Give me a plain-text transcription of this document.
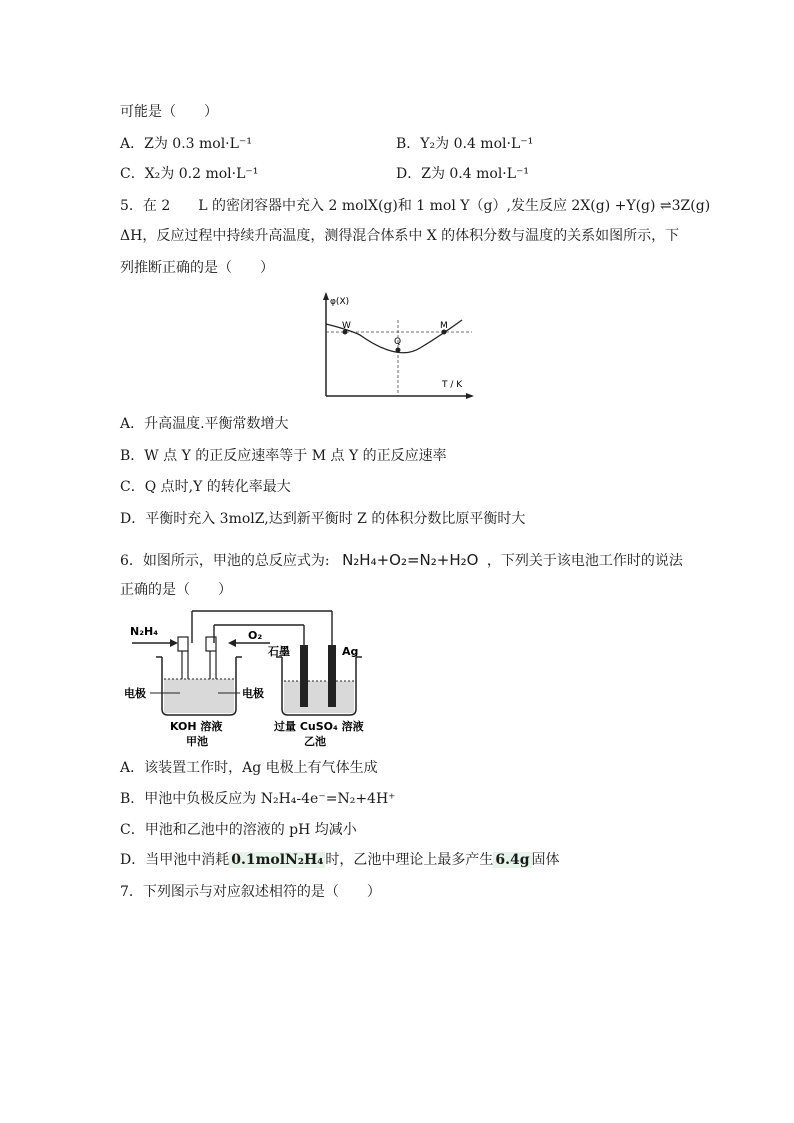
可能是（　　）
A．Z为 0.3 mol·L⁻¹	B．Y₂为 0.4 mol·L⁻¹
C．X₂为 0.2 mol·L⁻¹	D．Z为 0.4 mol·L⁻¹
5．在 2　　L 的密闭容器中充入 2 molX(g)和 1 mol Y（g）,发生反应 2X(g) +Y(g) ⇌3Z(g)
ΔH，反应过程中持续升高温度，测得混合体系中 X 的体积分数与温度的关系如图所示，下
列推断正确的是（　　）
φ(X)
T / K
W
Q
M
A．升高温度.平衡常数增大
B．W 点 Y 的正反应速率等于 M 点 Y 的正反应速率
C．Q 点时,Y 的转化率最大
D．平衡时充入 3molZ,达到新平衡时 Z 的体积分数比原平衡时大
6．如图所示，甲池的总反应式为: N₂H₄+O₂=N₂+H₂O ，下列关于该电池工作时的说法
正确的是（　　）
N₂H₄	O₂
电极	电极
KOH 溶液
甲池
石墨	Ag
过量 CuSO₄ 溶液
乙池
A．该装置工作时，Ag 电极上有气体生成
B．甲池中负极反应为 N₂H₄-4e⁻=N₂+4H⁺
C．甲池和乙池中的溶液的 pH 均减小
D．当甲池中消耗 0.1molN₂H₄ 时，乙池中理论上最多产生 6.4g 固体
7．下列图示与对应叙述相符的是（　　）
